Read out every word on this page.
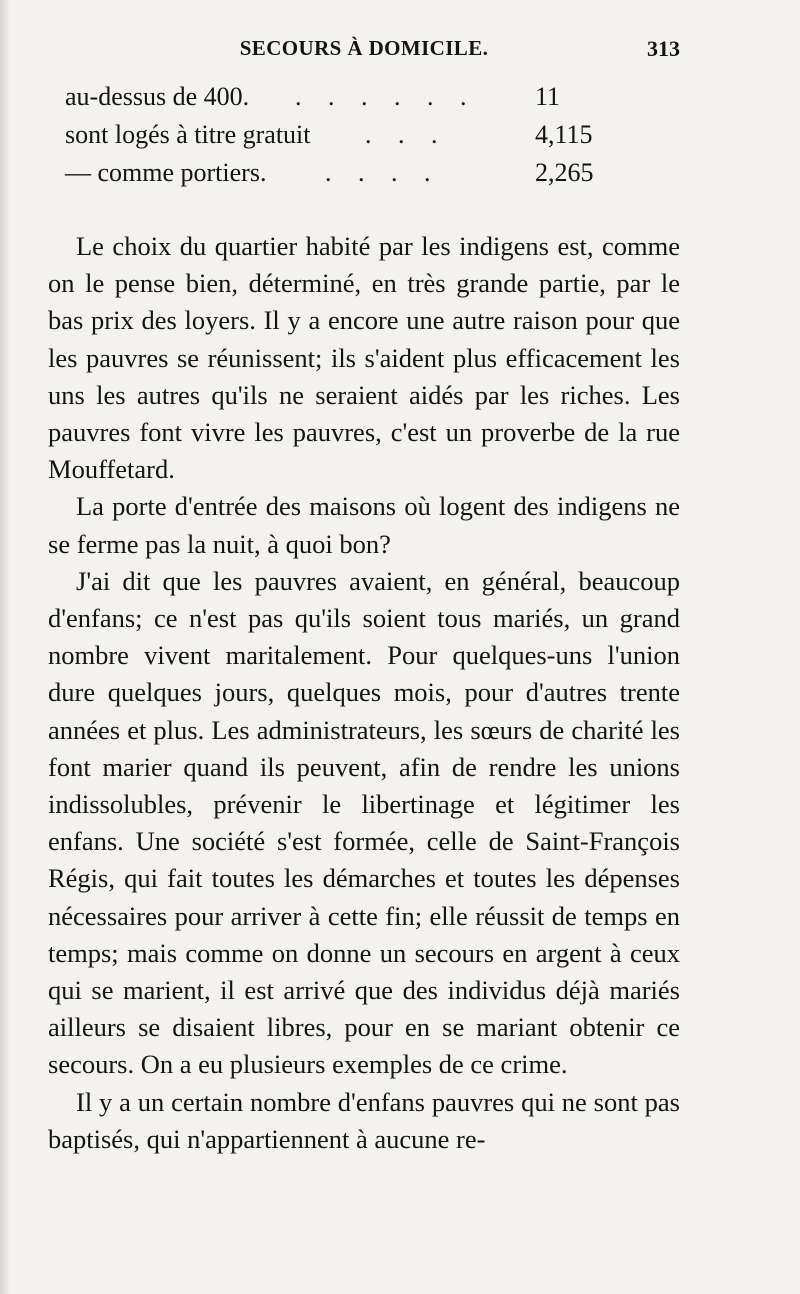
SECOURS À DOMICILE.	313
au-dessus de 400. . . . . . .	11
sont logés à titre gratuit . . .	4,115
— comme portiers. . . . .	2,265

Le choix du quartier habité par les indigens est, comme on le pense bien, déterminé, en très grande partie, par le bas prix des loyers. Il y a encore une autre raison pour que les pauvres se réunissent; ils s'aident plus efficacement les uns les autres qu'ils ne seraient aidés par les riches. Les pauvres font vivre les pauvres, c'est un proverbe de la rue Mouffetard.

La porte d'entrée des maisons où logent des indigens ne se ferme pas la nuit, à quoi bon?

J'ai dit que les pauvres avaient, en général, beaucoup d'enfans; ce n'est pas qu'ils soient tous mariés, un grand nombre vivent maritalement. Pour quelques-uns l'union dure quelques jours, quelques mois, pour d'autres trente années et plus. Les administrateurs, les sœurs de charité les font marier quand ils peuvent, afin de rendre les unions indissolubles, prévenir le libertinage et légitimer les enfans. Une société s'est formée, celle de Saint-François Régis, qui fait toutes les démarches et toutes les dépenses nécessaires pour arriver à cette fin; elle réussit de temps en temps; mais comme on donne un secours en argent à ceux qui se marient, il est arrivé que des individus déjà mariés ailleurs se disaient libres, pour en se mariant obtenir ce secours. On a eu plusieurs exemples de ce crime.

Il y a un certain nombre d'enfans pauvres qui ne sont pas baptisés, qui n'appartiennent à aucune re-
